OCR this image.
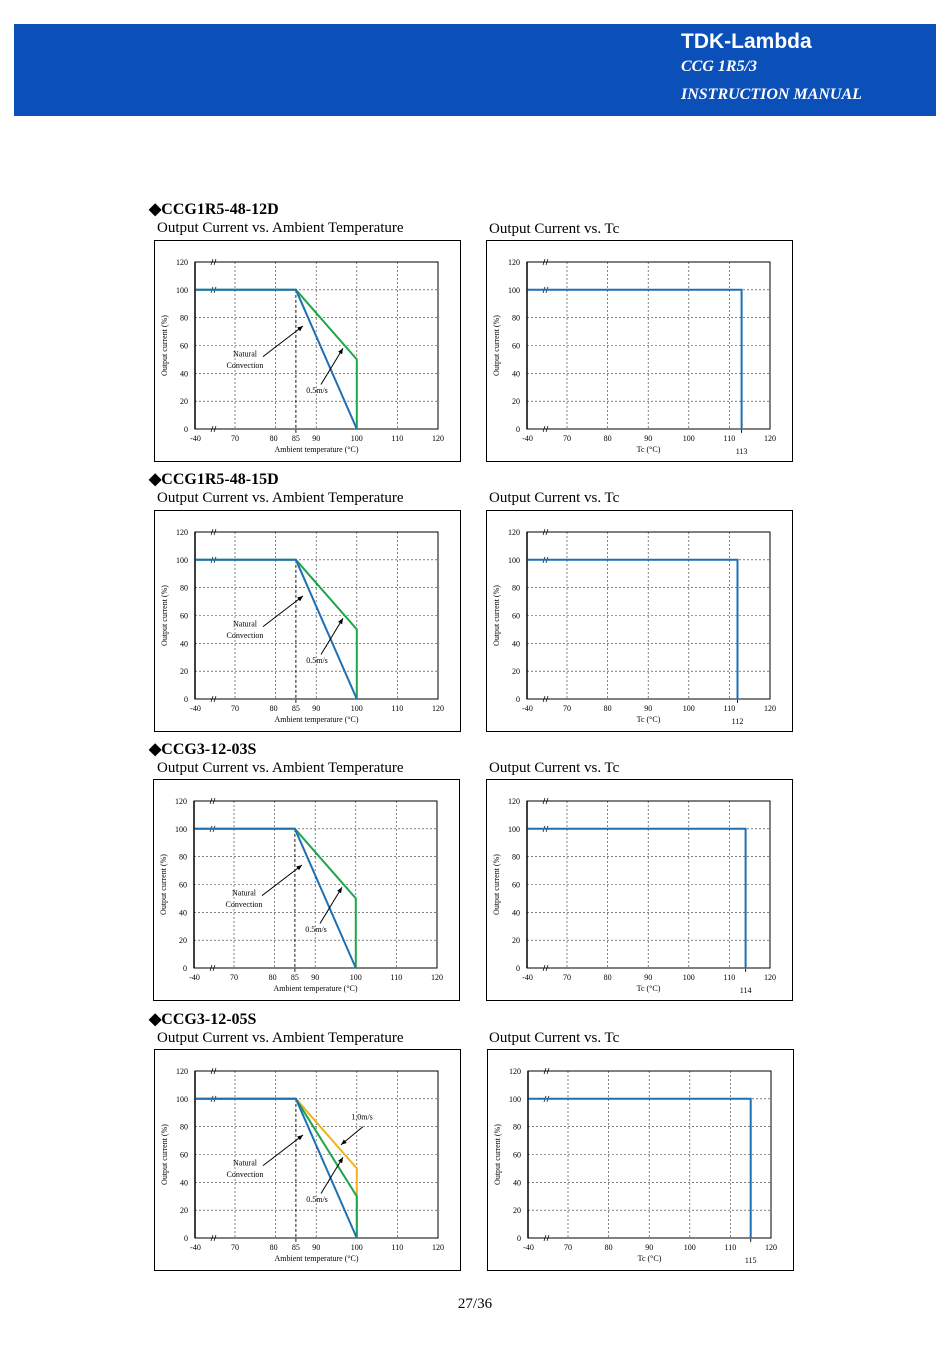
TDK-Lambda
CCG 1R5/3
INSTRUCTION MANUAL
◆CCG1R5-48-12D
Output Current vs. Ambient Temperature	Output Current vs. Tc
0
20
40
60
80
100
120
-40	70	80 85 90	100	110	120
Ambient temperature (°C)
Output current (%)	Natural
Convection
0.5m/s
0
20
40
60
80
100
120
-40	70	80	90	100	110	120
113
Tc (°C)
Output current (%)
◆CCG1R5-48-15D
Output Current vs. Ambient Temperature	Output Current vs. Tc
0
20
40
60
80
100
120
-40	70	80 85 90	100	110	120
Ambient temperature (°C)
Output current (%)	Natural
Convection
0.5m/s
0
20
40
60
80
100
120
-40	70	80	90	100	110	120
112
Tc (°C)
Output current (%)
◆CCG3-12-03S
Output Current vs. Ambient Temperature	Output Current vs. Tc
0
20
40
60
80
100
120
-40	70	80 85 90	100	110	120
Ambient temperature (°C)
Output current (%)	Natural
Convection
0.5m/s
0
20
40
60
80
100
120
-40	70	80	90	100	110	120
114
Tc (°C)
Output current (%)
◆CCG3-12-05S
Output Current vs. Ambient Temperature	Output Current vs. Tc
0
20
40
60
80
100
120
-40	70	80 85 90	100	110	120
Ambient temperature (°C)
Output current (%)	Natural
Convection
0.5m/s
1.0m/s
0
20
40
60
80
100
120
-40	70	80	90	100	110	120
115
Tc (°C)
Output current (%)
27/36
